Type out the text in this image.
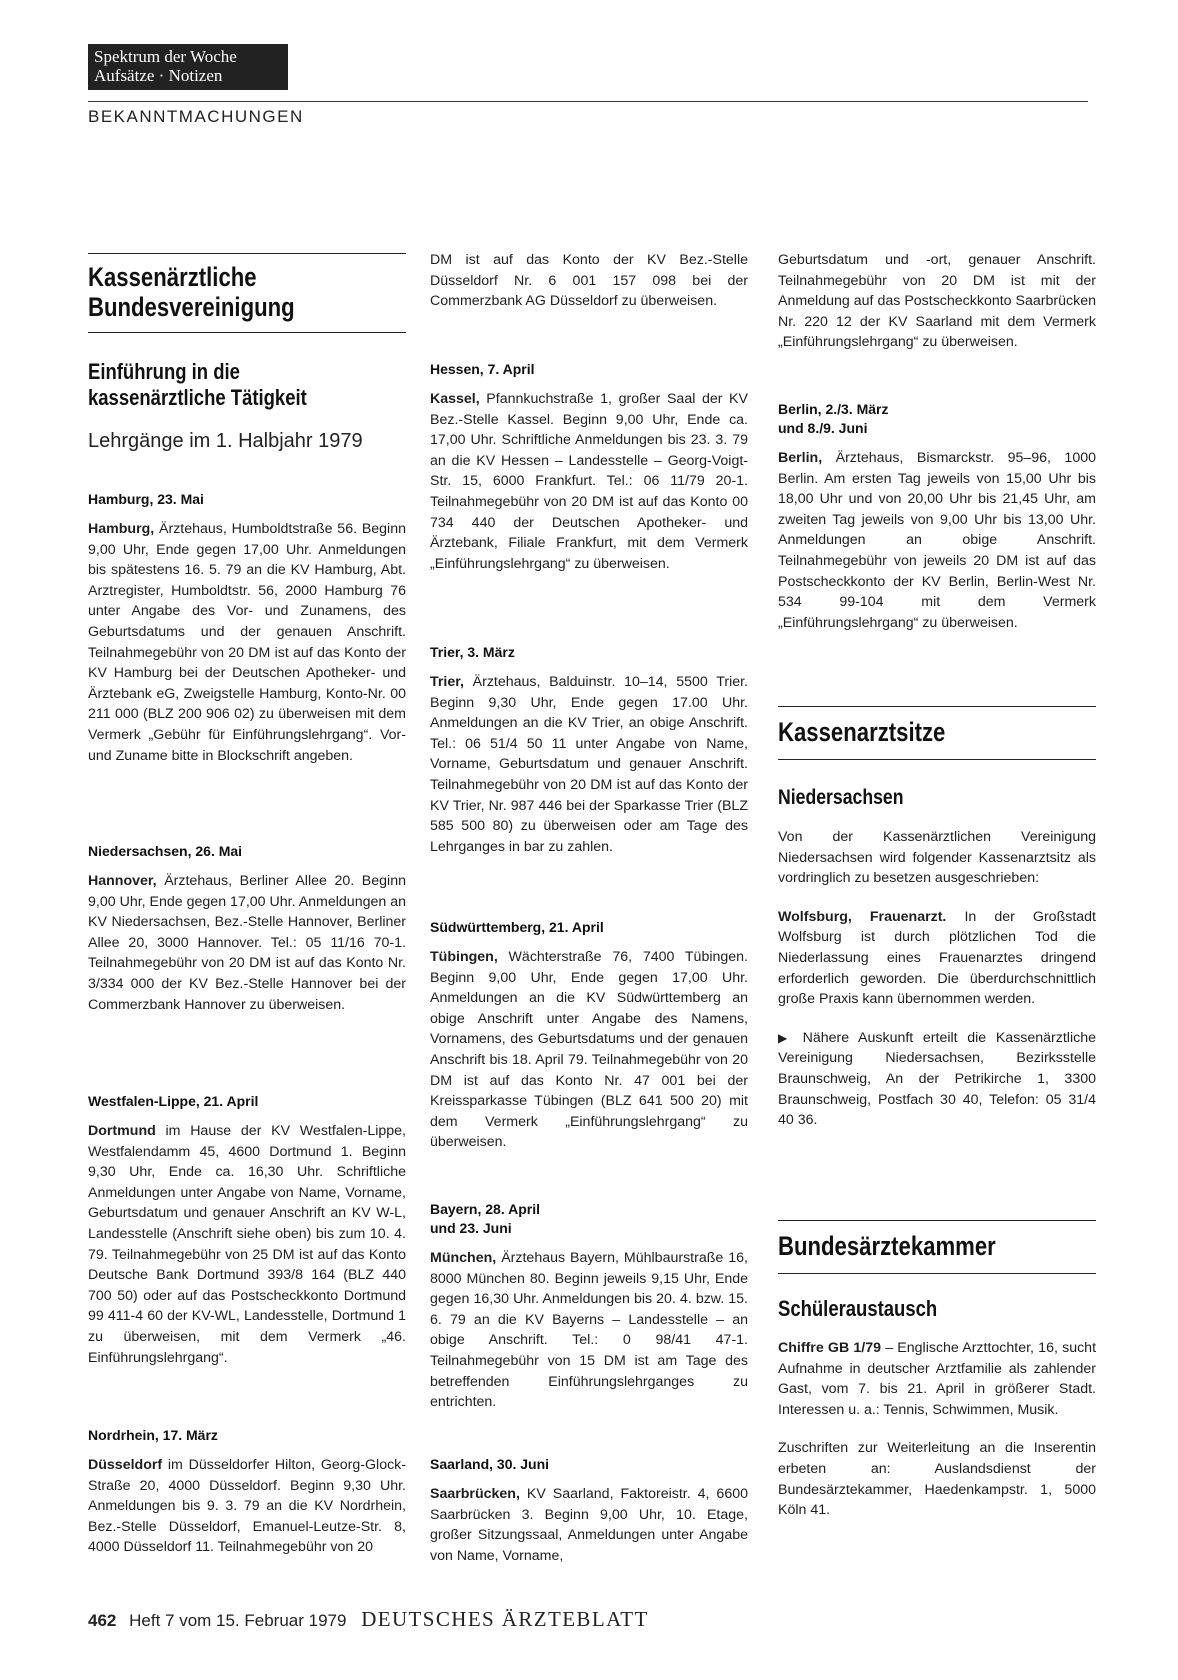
Spektrum der Woche
Aufsätze · Notizen
BEKANNTMACHUNGEN
Kassenärztliche
Bundesvereinigung
Einführung in die
kassenärztliche Tätigkeit
Lehrgänge im 1. Halbjahr 1979
Hamburg, 23. Mai
Hamburg, Ärztehaus, Humboldtstraße 56. Beginn 9,00 Uhr, Ende gegen 17,00 Uhr. Anmeldungen bis spätestens 16. 5. 79 an die KV Hamburg, Abt. Arztregister, Humboldtstr. 56, 2000 Hamburg 76 unter Angabe des Vor- und Zunamens, des Geburtsdatums und der genauen Anschrift. Teilnahmegebühr von 20 DM ist auf das Konto der KV Hamburg bei der Deutschen Apotheker- und Ärztebank eG, Zweigstelle Hamburg, Konto-Nr. 00 211 000 (BLZ 200 906 02) zu überweisen mit dem Vermerk „Gebühr für Einführungslehrgang“. Vor- und Zuname bitte in Blockschrift angeben.
Niedersachsen, 26. Mai
Hannover, Ärztehaus, Berliner Allee 20. Beginn 9,00 Uhr, Ende gegen 17,00 Uhr. Anmeldungen an KV Niedersachsen, Bez.-Stelle Hannover, Berliner Allee 20, 3000 Hannover. Tel.: 05 11/16 70-1. Teilnahmegebühr von 20 DM ist auf das Konto Nr. 3/334 000 der KV Bez.-Stelle Hannover bei der Commerzbank Hannover zu überweisen.
Westfalen-Lippe, 21. April
Dortmund im Hause der KV Westfalen-Lippe, Westfalendamm 45, 4600 Dortmund 1. Beginn 9,30 Uhr, Ende ca. 16,30 Uhr. Schriftliche Anmeldungen unter Angabe von Name, Vorname, Geburtsdatum und genauer Anschrift an KV W-L, Landesstelle (Anschrift siehe oben) bis zum 10. 4. 79. Teilnahmegebühr von 25 DM ist auf das Konto Deutsche Bank Dortmund 393/8 164 (BLZ 440 700 50) oder auf das Postscheckkonto Dortmund 99 411-4 60 der KV-WL, Landesstelle, Dortmund 1 zu überweisen, mit dem Vermerk „46. Einführungslehrgang“.
Nordrhein, 17. März
Düsseldorf im Düsseldorfer Hilton, Georg-Glock-Straße 20, 4000 Düsseldorf. Beginn 9,30 Uhr. Anmeldungen bis 9. 3. 79 an die KV Nordrhein, Bez.-Stelle Düsseldorf, Emanuel-Leutze-Str. 8, 4000 Düsseldorf 11. Teilnahmegebühr von 20
DM ist auf das Konto der KV Bez.-Stelle Düsseldorf Nr. 6 001 157 098 bei der Commerzbank AG Düsseldorf zu überweisen.
Hessen, 7. April
Kassel, Pfannkuchstraße 1, großer Saal der KV Bez.-Stelle Kassel. Beginn 9,00 Uhr, Ende ca. 17,00 Uhr. Schriftliche Anmeldungen bis 23. 3. 79 an die KV Hessen – Landesstelle – Georg-Voigt-Str. 15, 6000 Frankfurt. Tel.: 06 11/79 20-1. Teilnahmegebühr von 20 DM ist auf das Konto 00 734 440 der Deutschen Apotheker- und Ärztebank, Filiale Frankfurt, mit dem Vermerk „Einführungslehrgang“ zu überweisen.
Trier, 3. März
Trier, Ärztehaus, Balduinstr. 10–14, 5500 Trier. Beginn 9,30 Uhr, Ende gegen 17.00 Uhr. Anmeldungen an die KV Trier, an obige Anschrift. Tel.: 06 51/4 50 11 unter Angabe von Name, Vorname, Geburtsdatum und genauer Anschrift. Teilnahmegebühr von 20 DM ist auf das Konto der KV Trier, Nr. 987 446 bei der Sparkasse Trier (BLZ 585 500 80) zu überweisen oder am Tage des Lehrganges in bar zu zahlen.
Südwürttemberg, 21. April
Tübingen, Wächterstraße 76, 7400 Tübingen. Beginn 9,00 Uhr, Ende gegen 17,00 Uhr. Anmeldungen an die KV Südwürttemberg an obige Anschrift unter Angabe des Namens, Vornamens, des Geburtsdatums und der genauen Anschrift bis 18. April 79. Teilnahmegebühr von 20 DM ist auf das Konto Nr. 47 001 bei der Kreissparkasse Tübingen (BLZ 641 500 20) mit dem Vermerk „Einführungslehrgang“ zu überweisen.
Bayern, 28. April
und 23. Juni
München, Ärztehaus Bayern, Mühlbaurstraße 16, 8000 München 80. Beginn jeweils 9,15 Uhr, Ende gegen 16,30 Uhr. Anmeldungen bis 20. 4. bzw. 15. 6. 79 an die KV Bayerns – Landesstelle – an obige Anschrift. Tel.: 0 98/41 47-1. Teilnahmegebühr von 15 DM ist am Tage des betreffenden Einführungslehrganges zu entrichten.
Saarland, 30. Juni
Saarbrücken, KV Saarland, Faktoreistr. 4, 6600 Saarbrücken 3. Beginn 9,00 Uhr, 10. Etage, großer Sitzungssaal, Anmeldungen unter Angabe von Name, Vorname,
Geburtsdatum und -ort, genauer Anschrift. Teilnahmegebühr von 20 DM ist mit der Anmeldung auf das Postscheckkonto Saarbrücken Nr. 220 12 der KV Saarland mit dem Vermerk „Einführungslehrgang“ zu überweisen.
Berlin, 2./3. März
und 8./9. Juni
Berlin, Ärztehaus, Bismarckstr. 95–96, 1000 Berlin. Am ersten Tag jeweils von 15,00 Uhr bis 18,00 Uhr und von 20,00 Uhr bis 21,45 Uhr, am zweiten Tag jeweils von 9,00 Uhr bis 13,00 Uhr. Anmeldungen an obige Anschrift. Teilnahmegebühr von jeweils 20 DM ist auf das Postscheckkonto der KV Berlin, Berlin-West Nr. 534 99-104 mit dem Vermerk „Einführungslehrgang“ zu überweisen.
Kassenarztsitze
Niedersachsen
Von der Kassenärztlichen Vereinigung Niedersachsen wird folgender Kassenarztsitz als vordringlich zu besetzen ausgeschrieben:
Wolfsburg, Frauenarzt. In der Großstadt Wolfsburg ist durch plötzlichen Tod die Niederlassung eines Frauenarztes dringend erforderlich geworden. Die überdurchschnittlich große Praxis kann übernommen werden.
▶ Nähere Auskunft erteilt die Kassenärztliche Vereinigung Niedersachsen, Bezirksstelle Braunschweig, An der Petrikirche 1, 3300 Braunschweig, Postfach 30 40, Telefon: 05 31/4 40 36.
Bundesärztekammer
Schüleraustausch
Chiffre GB 1/79 – Englische Arzttochter, 16, sucht Aufnahme in deutscher Arztfamilie als zahlender Gast, vom 7. bis 21. April in größerer Stadt. Interessen u. a.: Tennis, Schwimmen, Musik.
Zuschriften zur Weiterleitung an die Inserentin erbeten an: Auslandsdienst der Bundesärztekammer, Haedenkampstr. 1, 5000 Köln 41.
462 Heft 7 vom 15. Februar 1979 DEUTSCHES ÄRZTEBLATT
